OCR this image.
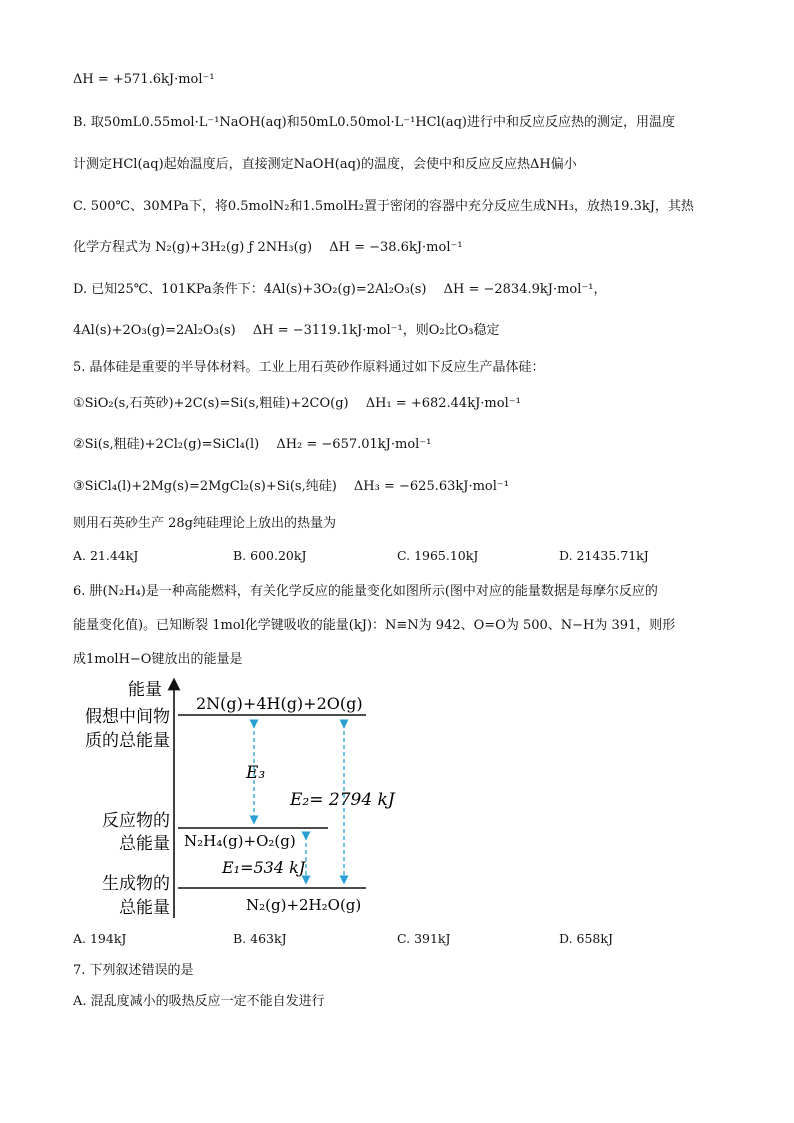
ΔH = +571.6kJ·mol⁻¹
B. 取50mL0.55mol·L⁻¹NaOH(aq)和50mL0.50mol·L⁻¹HCl(aq)进行中和反应反应热的测定，用温度
计测定HCl(aq)起始温度后，直接测定NaOH(aq)的温度，会使中和反应反应热ΔH偏小
C. 500℃、30MPa下，将0.5molN₂和1.5molH₂置于密闭的容器中充分反应生成NH₃，放热19.3kJ，其热
化学方程式为 N₂(g)+3H₂(g) ƒ 2NH₃(g)　 ΔH = −38.6kJ·mol⁻¹
D. 已知25℃、101KPa条件下：4Al(s)+3O₂(g)=2Al₂O₃(s)　 ΔH = −2834.9kJ·mol⁻¹，
4Al(s)+2O₃(g)=2Al₂O₃(s)　 ΔH = −3119.1kJ·mol⁻¹，则O₂比O₃稳定
5. 晶体硅是重要的半导体材料。工业上用石英砂作原料通过如下反应生产晶体硅：
①SiO₂(s,石英砂)+2C(s)=Si(s,粗硅)+2CO(g)　 ΔH₁ = +682.44kJ·mol⁻¹
②Si(s,粗硅)+2Cl₂(g)=SiCl₄(l)　 ΔH₂ = −657.01kJ·mol⁻¹
③SiCl₄(l)+2Mg(s)=2MgCl₂(s)+Si(s,纯硅)　 ΔH₃ = −625.63kJ·mol⁻¹
则用石英砂生产 28g纯硅理论上放出的热量为
A. 21.44kJ	B. 600.20kJ	C. 1965.10kJ	D. 21435.71kJ
6. 肼(N₂H₄)是一种高能燃料，有关化学反应的能量变化如图所示(图中对应的能量数据是每摩尔反应的
能量变化值)。已知断裂 1mol化学键吸收的能量(kJ)：N≡N为 942、O=O为 500、N−H为 391，则形
成1molH−O键放出的能量是
能量
假想中间物
质的总能量
反应物的
总能量
生成物的
总能量
2N(g)+4H(g)+2O(g)
N₂H₄(g)+O₂(g)
N₂(g)+2H₂O(g)
E₃
E₂= 2794 kJ
E₁=534 kJ
A. 194kJ	B. 463kJ	C. 391kJ	D. 658kJ
7. 下列叙述错误的是
A. 混乱度减小的吸热反应一定不能自发进行
